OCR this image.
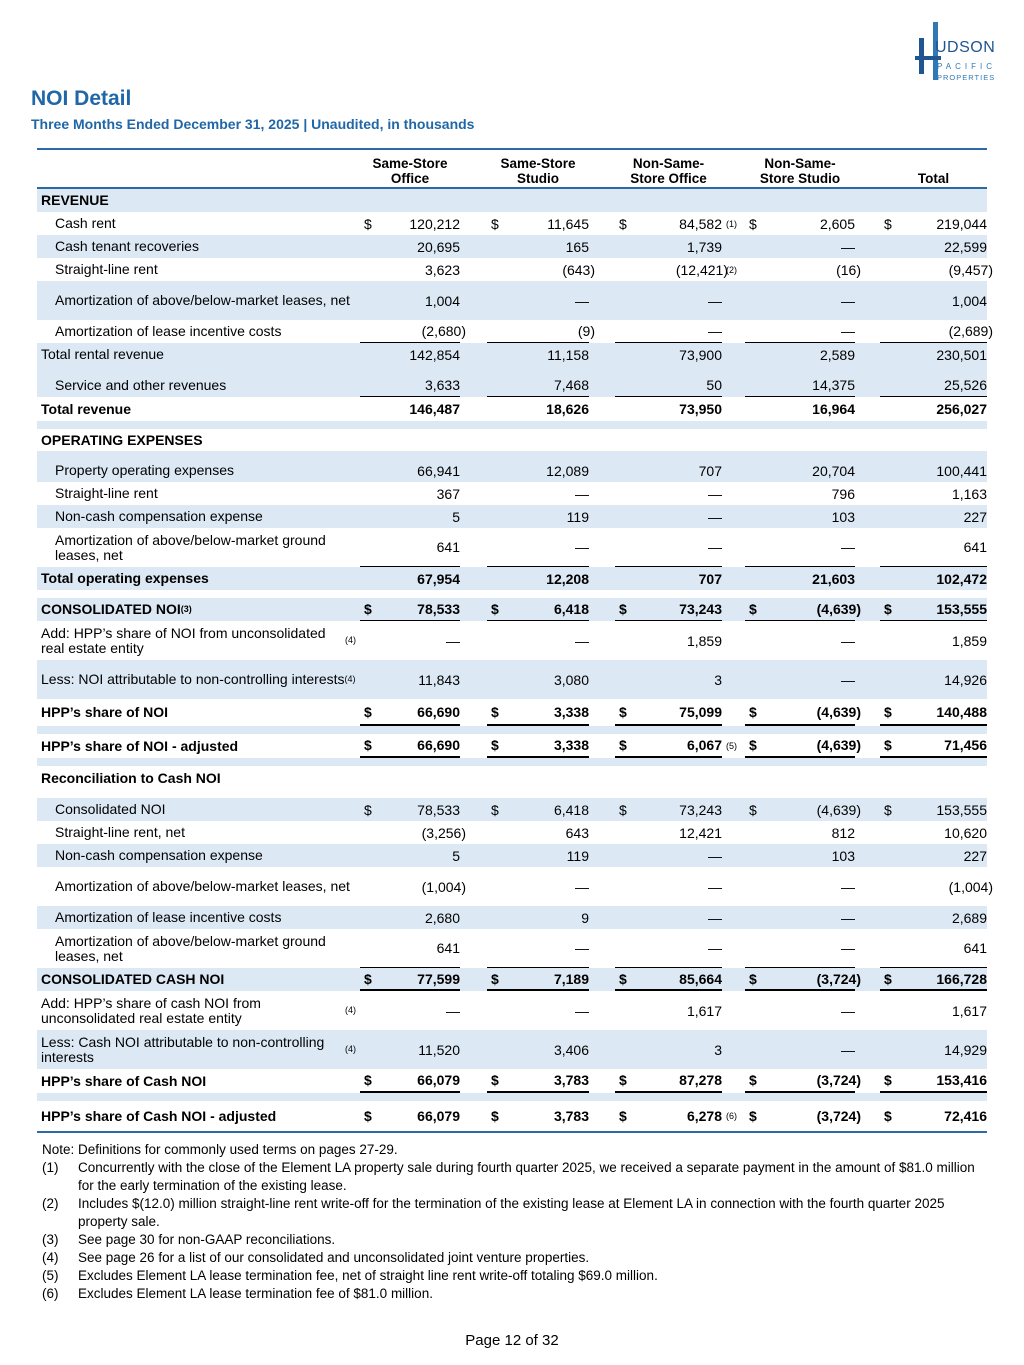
UDSON
PACIFIC
PROPERTIES
NOI Detail
Three Months Ended December 31, 2025 | Unaudited, in thousands
Same-Store
Office
Same-Store
Studio
Non-Same-
Store Office
Non-Same-
Store Studio	Total
REVENUE
Cash rent	$	120,212 $	11,645 $	84,582 $	2,605 $	219,044
(1)
Cash tenant recoveries	20,695	165	1,739	—	22,599
Straight-line rent	3,623	(643)	(12,421)	(16)	(9,457)
(2)
Amortization of above/below-market leases, net	1,004	—	—	—	1,004
Amortization of lease incentive costs	(2,680)	(9)	—	—	(2,689)
Total rental revenue	142,854	11,158	73,900	2,589	230,501
Service and other revenues	3,633	7,468	50	14,375	25,526
Total revenue	146,487	18,626	73,950	16,964	256,027
OPERATING EXPENSES
Property operating expenses	66,941	12,089	707	20,704	100,441
Straight-line rent	367	—	—	796	1,163
Non-cash compensation expense	5	119	—	103	227
Amortization of above/below-market ground leases, net	641	—	—	—	641
Total operating expenses	67,954	12,208	707	21,603	102,472
CONSOLIDATED NOI (3)	$	78,533 $	6,418 $	73,243 $	(4,639) $	153,555
Add: HPP’s share of NOI from unconsolidated real estate entity	(4)	—	—	1,859	—	1,859
Less: NOI attributable to non-controlling interests (4)	11,843	3,080	3	—	14,926
HPP’s share of NOI	$	66,690 $	3,338 $	75,099 $	(4,639) $	140,488
HPP’s share of NOI - adjusted	$	66,690 $	3,338 $	6,067 $	(4,639) $	71,456
(5)
Reconciliation to Cash NOI
Consolidated NOI	$	78,533 $	6,418 $	73,243 $	(4,639) $	153,555
Straight-line rent, net	(3,256)	643	12,421	812	10,620
Non-cash compensation expense	5	119	—	103	227
Amortization of above/below-market leases, net	(1,004)	—	—	—	(1,004)
Amortization of lease incentive costs	2,680	9	—	—	2,689
Amortization of above/below-market ground leases, net	641	—	—	—	641
CONSOLIDATED CASH NOI	$	77,599 $	7,189 $	85,664 $	(3,724) $	166,728
Add: HPP’s share of cash NOI from unconsolidated real estate entity	(4)	—	—	1,617	—	1,617
Less: Cash NOI attributable to non-controlling interests	(4)	11,520	3,406	3	—	14,929
HPP’s share of Cash NOI	$	66,079 $	3,783 $	87,278 $	(3,724) $	153,416
HPP’s share of Cash NOI - adjusted	$	66,079 $	3,783 $	6,278 $	(3,724) $	72,416
(6)
Note: Definitions for commonly used terms on pages 27-29.
(1) Concurrently with the close of the Element LA property sale during fourth quarter 2025, we received a separate payment in the amount of $81.0 million for the early termination of the existing lease.
(2) Includes $(12.0) million straight-line rent write-off for the termination of the existing lease at Element LA in connection with the fourth quarter 2025 property sale.
(3) See page 30 for non-GAAP reconciliations.
(4) See page 26 for a list of our consolidated and unconsolidated joint venture properties.
(5) Excludes Element LA lease termination fee, net of straight line rent write-off totaling $69.0 million.
(6) Excludes Element LA lease termination fee of $81.0 million.
Page 12 of 32
